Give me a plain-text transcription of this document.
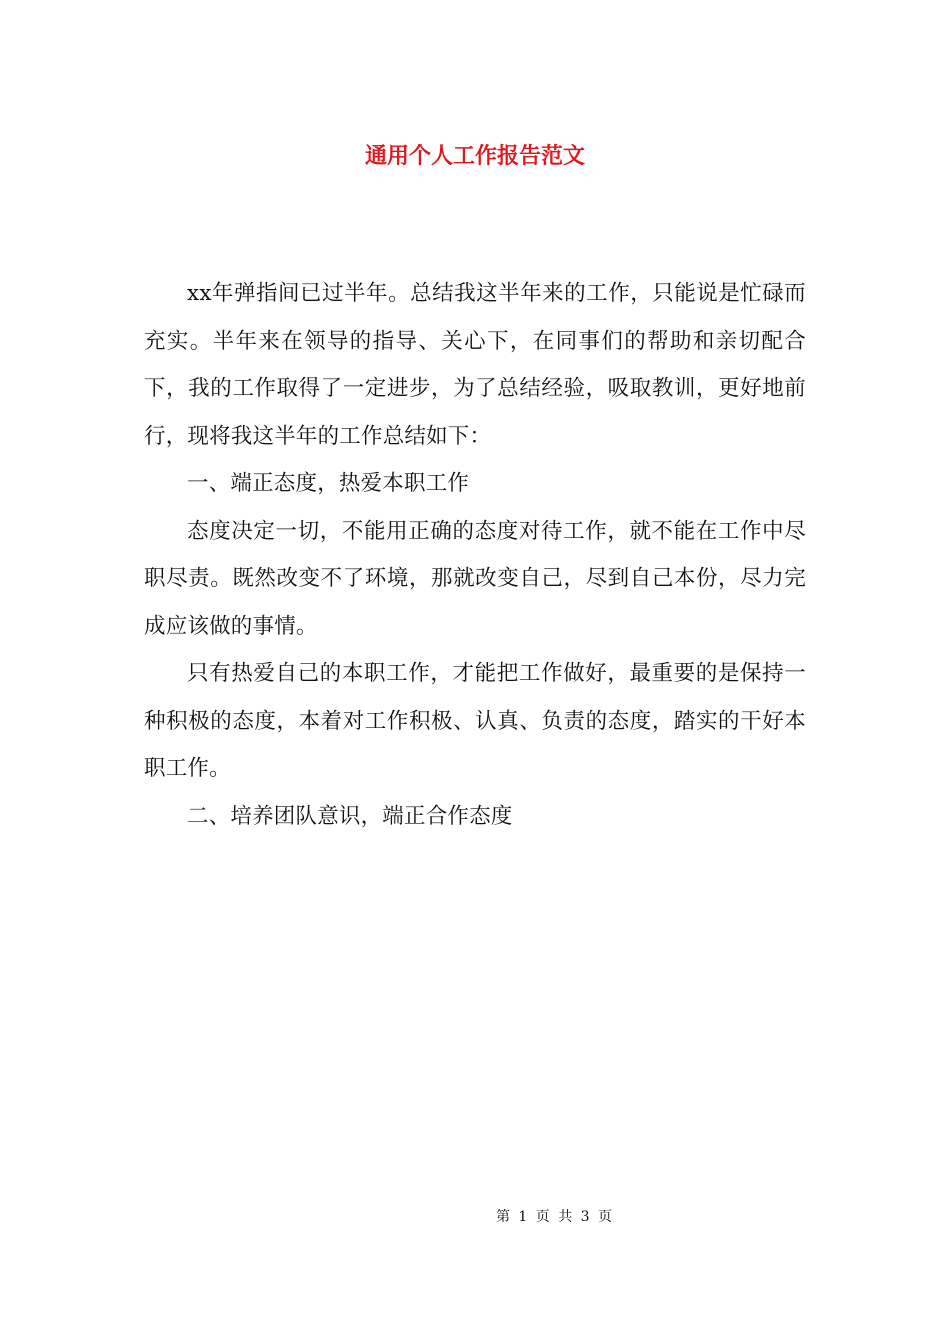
通用个人工作报告范文

xx年弹指间已过半年。总结我这半年来的工作，只能说是忙碌而充实。半年来在领导的指导、关心下，在同事们的帮助和亲切配合下，我的工作取得了一定进步，为了总结经验，吸取教训，更好地前行，现将我这半年的工作总结如下：

一、端正态度，热爱本职工作

态度决定一切，不能用正确的态度对待工作，就不能在工作中尽职尽责。既然改变不了环境，那就改变自己，尽到自己本份，尽力完成应该做的事情。

只有热爱自己的本职工作，才能把工作做好，最重要的是保持一种积极的态度，本着对工作积极、认真、负责的态度，踏实的干好本职工作。

二、培养团队意识，端正合作态度

第 1 页 共 3 页
